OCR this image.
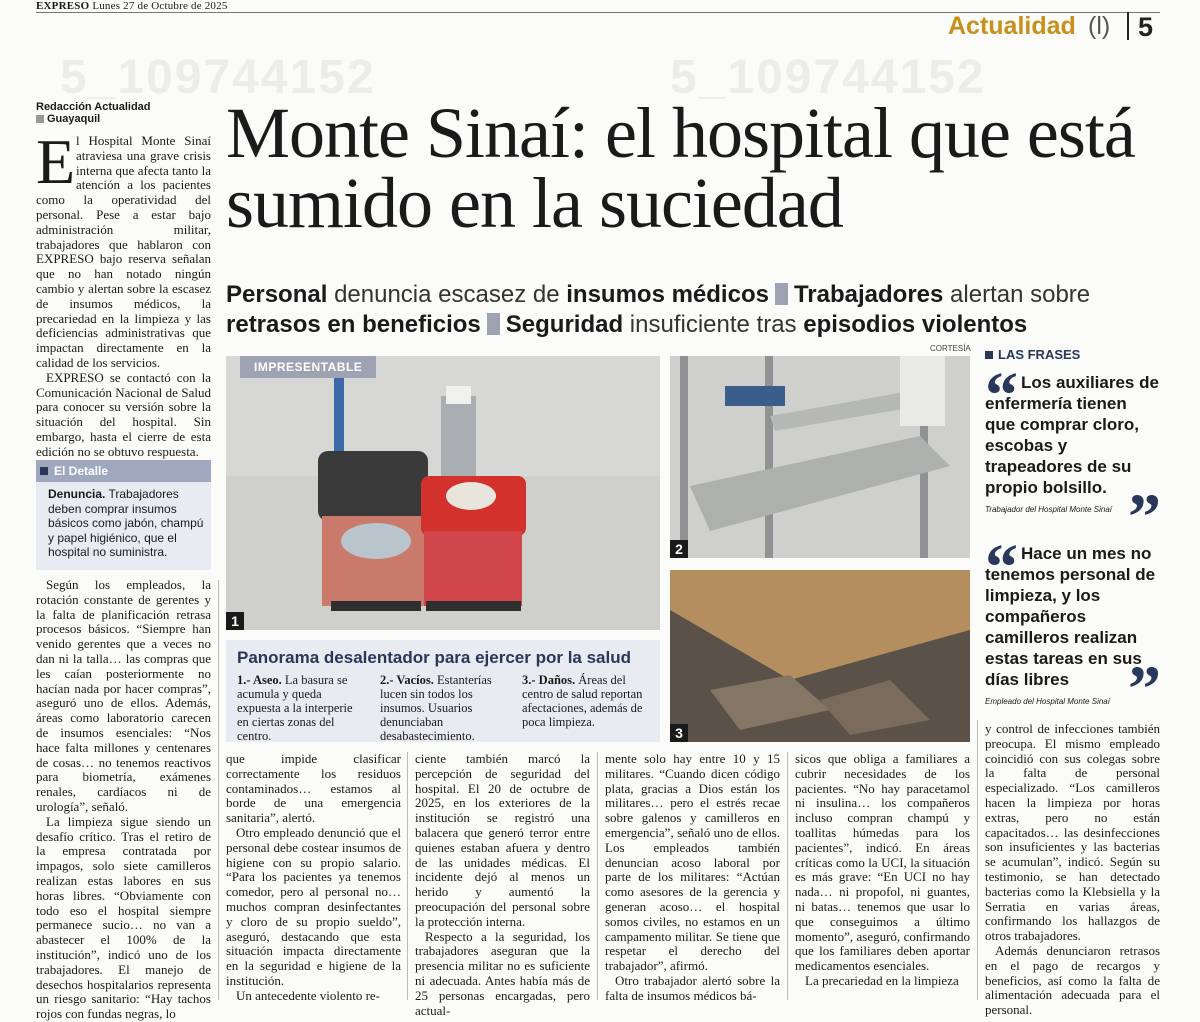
EXPRESO Lunes 27 de Octubre de 2025
Actualidad (l) 5
5_109744152	5_109744152
Redacción Actualidad
Guayaquil
E l Hospital Monte Sinaí atraviesa una grave crisis interna que afecta tanto la atención a los pacientes como la operatividad del personal. Pese a estar bajo administración militar, trabajadores que hablaron con EXPRESO bajo reserva señalan que no han notado ningún cambio y alertan sobre la escasez de insumos médicos, la precariedad en la limpieza y las deficiencias administrativas que impactan directamente en la calidad de los servicios.

EXPRESO se contactó con la Comunicación Nacional de Salud para conocer su versión sobre la situación del hospital. Sin embargo, hasta el cierre de esta edición no se obtuvo respuesta.

El Detalle
Denuncia. Trabajadores deben comprar insumos básicos como jabón, champú y papel higiénico, que el hospital no suministra.

Según los empleados, la rotación constante de gerentes y la falta de planificación retrasa procesos básicos. “Siempre han venido gerentes que a veces no dan ni la talla… las compras que les caían posteriormente no hacían nada por hacer compras”, aseguró uno de ellos. Además, áreas como laboratorio carecen de insumos esenciales: “Nos hace falta millones y centenares de cosas… no tenemos reactivos para biometría, exámenes renales, cardíacos ni de urología”, señaló.

La limpieza sigue siendo un desafío crítico. Tras el retiro de la empresa contratada por impagos, solo siete camilleros realizan estas labores en sus horas libres. “Obviamente con todo eso el hospital siempre permanece sucio… no van a abastecer el 100% de la institución”, indicó uno de los trabajadores. El manejo de desechos hospitalarios representa un riesgo sanitario: “Hay tachos rojos con fundas negras, lo

Monte Sinaí: el hospital que está sumido en la suciedad
Personal denuncia escasez de insumos médicos Trabajadores alertan sobre retrasos en beneficios Seguridad insuficiente tras episodios violentos
CORTESÍA
1
IMPRESENTABLE
2
3
Panorama desalentador para ejercer por la salud
1.- Aseo. La basura se acumula y queda expuesta a la interperie en ciertas zonas del centro.
2.- Vacíos. Estanterías lucen sin todos los insumos. Usuarios denunciaban desabastecimiento.
3.- Daños. Áreas del centro de salud reportan afectaciones, además de poca limpieza.
LAS FRASES
“ Los auxiliares de enfermería tienen que comprar cloro, escobas y trapeadores de su propio bolsillo. ”
Trabajador del Hospital Monte Sinaí
“ Hace un mes no tenemos personal de limpieza, y los compañeros camilleros realizan estas tareas en sus días libres ”
Empleado del Hospital Monte Sinaí

que impide clasificar correctamente los residuos contaminados… estamos al borde de una emergencia sanitaria”, alertó.

Otro empleado denunció que el personal debe costear insumos de higiene con su propio salario. “Para los pacientes ya tenemos comedor, pero al personal no… muchos compran desinfectantes y cloro de su propio sueldo”, aseguró, destacando que esta situación impacta directamente en la seguridad e higiene de la institución.

Un antecedente violento re-

ciente también marcó la percepción de seguridad del hospital. El 20 de octubre de 2025, en los exteriores de la institución se registró una balacera que generó terror entre quienes estaban afuera y dentro de las unidades médicas. El incidente dejó al menos un herido y aumentó la preocupación del personal sobre la protección interna.

Respecto a la seguridad, los trabajadores aseguran que la presencia militar no es suficiente ni adecuada. Antes había más de 25 personas encargadas, pero actual-

mente solo hay entre 10 y 15 militares. “Cuando dicen código plata, gracias a Dios están los militares… pero el estrés recae sobre galenos y camilleros en emergencia”, señaló uno de ellos. Los empleados también denuncian acoso laboral por parte de los militares: “Actúan como asesores de la gerencia y generan acoso… el hospital somos civiles, no estamos en un campamento militar. Se tiene que respetar el derecho del trabajador”, afirmó.

Otro trabajador alertó sobre la falta de insumos médicos bá-

sicos que obliga a familiares a cubrir necesidades de los pacientes. “No hay paracetamol ni insulina… los compañeros incluso compran champú y toallitas húmedas para los pacientes”, indicó. En áreas críticas como la UCI, la situación es más grave: “En UCI no hay nada… ni propofol, ni guantes, ni batas… tenemos que usar lo que conseguimos a último momento”, aseguró, confirmando que los familiares deben aportar medicamentos esenciales.

La precariedad en la limpieza

y control de infecciones también preocupa. El mismo empleado coincidió con sus colegas sobre la falta de personal especializado. “Los camilleros hacen la limpieza por horas extras, pero no están capacitados… las desinfecciones son insuficientes y las bacterias se acumulan”, indicó. Según su testimonio, se han detectado bacterias como la Klebsiella y la Serratia en varias áreas, confirmando los hallazgos de otros trabajadores.

Además denunciaron retrasos en el pago de recargos y beneficios, así como la falta de alimentación adecuada para el personal.
